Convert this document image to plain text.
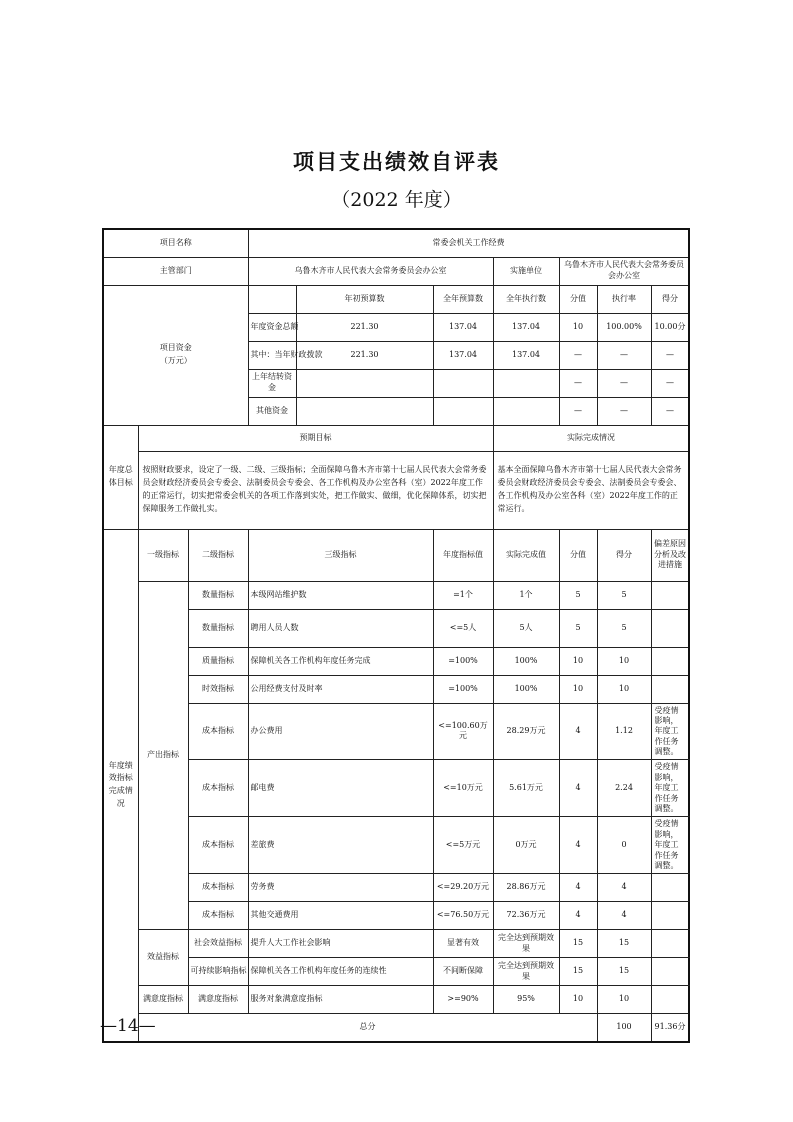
项目支出绩效自评表
（2022 年度）
项目名称			常委会机关工作经费							
主管部门			乌鲁木齐市人民代表大会常务委员会办公室			实施单位	乌鲁木齐市人民代表大会常务委员会办公室			
项目资金
（万元）				年初预算数	全年预算数	全年执行数	分值	执行率	得分	
			年度资金总额	221.30	137.04	137.04	10	100.00%	10.00分	
			其中：当年财政拨款	221.30	137.04	137.04	—	—	—	
			上年结转资金				—	—	—	
			其他资金				—	—	—	
年度总
体目标	预期目标					实际完成情况				
	按照财政要求，设定了一级、二级、三级指标；全面保障乌鲁木齐市第十七届人民代表大会常务委员会财政经济委员会专委会、法制委员会专委会、各工作机构及办公室各科（室）2022年度工作的正常运行，切实把常委会机关的各项工作落到实处，把工作做实、做细，优化保障体系，切实把保障服务工作做扎实。					基本全面保障乌鲁木齐市第十七届人民代表大会常务委员会财政经济委员会专委会、法制委员会专委会、各工作机构及办公室各科（室）2022年度工作的正常运行。				
年度绩
效指标
完成情
况	一级指标	二级指标	三级指标		年度指标值	实际完成值	分值	得分	偏差原因分析及改进措施	
	产出指标	数量指标	本级网站维护数		=1个	1个	5	5		
		数量指标	聘用人员人数		<=5人	5人	5	5		
		质量指标	保障机关各工作机构年度任务完成		=100%	100%	10	10		
		时效指标	公用经费支付及时率		=100%	100%	10	10		
		成本指标	办公费用		<=100.60万元	28.29万元	4	1.12	受疫情影响，年度工作任务调整。	
		成本指标	邮电费		<=10万元	5.61万元	4	2.24	受疫情影响，年度工作任务调整。	
		成本指标	差旅费		<=5万元	0万元	4	0	受疫情影响，年度工作任务调整。	
		成本指标	劳务费		<=29.20万元	28.86万元	4	4		
		成本指标	其他交通费用		<=76.50万元	72.36万元	4	4		
	效益指标	社会效益指标	提升人大工作社会影响		显著有效	完全达到预期效果	15	15		
		可持续影响指标	保障机关各工作机构年度任务的连续性		不间断保障	完全达到预期效果	15	15		
	满意度指标	满意度指标	服务对象满意度指标		>=90%	95%	10	10		
	总分							100	91.36分	
—14—
